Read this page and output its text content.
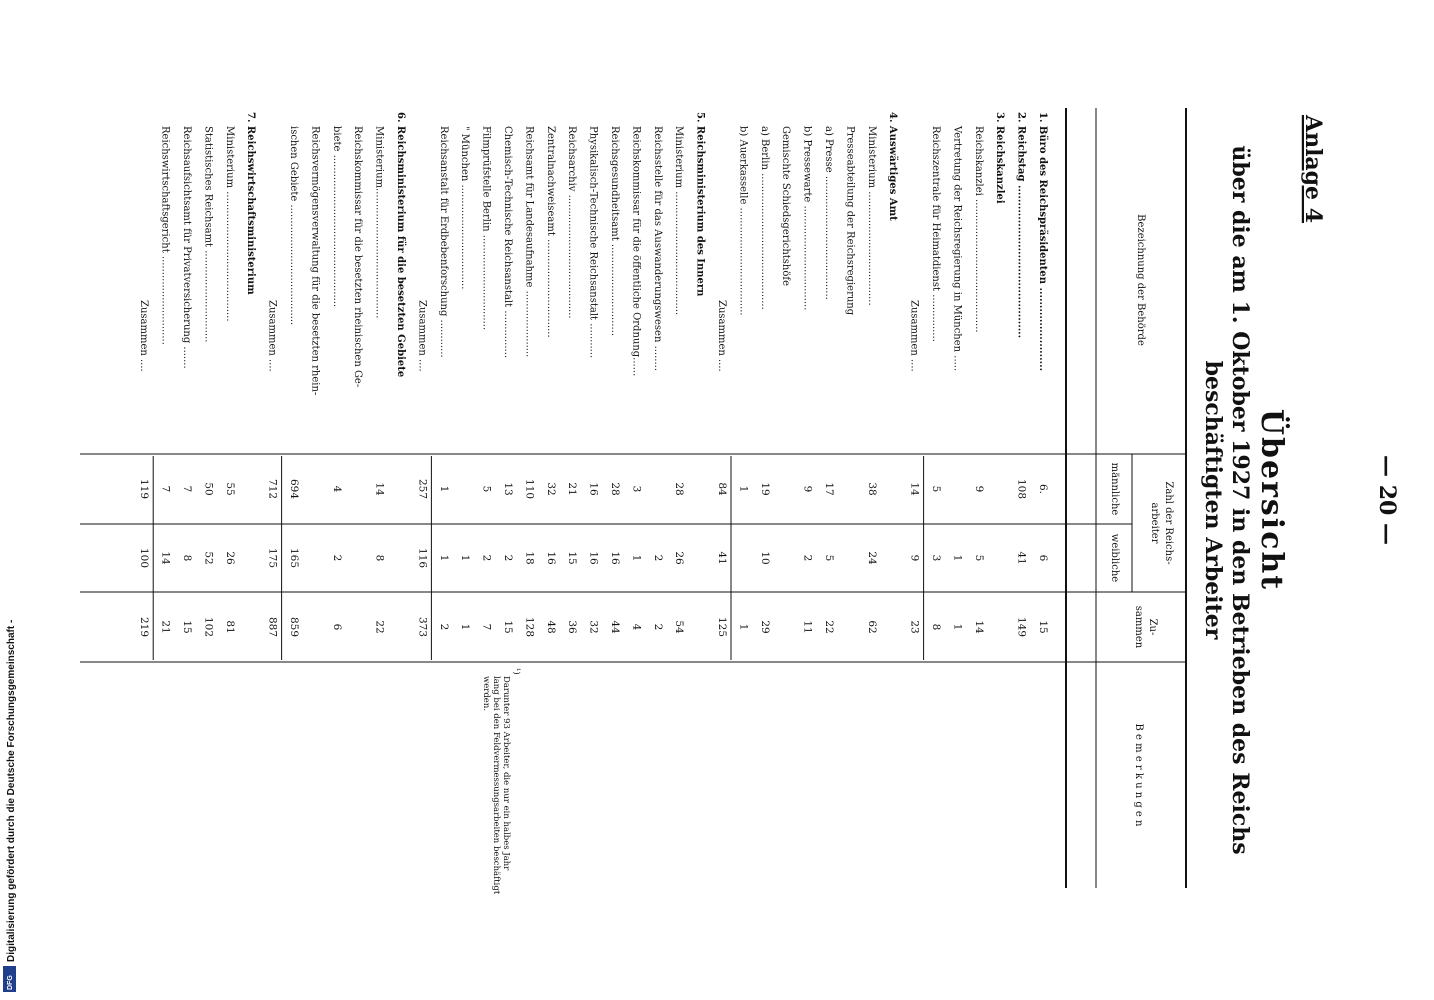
— 20 —
Anlage 4
Übersicht
über die am 1. Oktober 1927 in den Betrieben des Reichs
beschäftigten Arbeiter
Bezeichnung der Behörde
Zahl der Reichs-
arbeiter
männliche
weibliche
Zu-
sammen
B e m e r k u n g e n
1. Büro des Reichspräsidenten ........................
6.
6
15
2. Reichstag ............................................
108
41
149
3. Reichskanzlei
Reichskanzlei ..........................................
9
5
14
Vertretung der Reichsregierung in München .....
1
1
Reichszentrale für Heimatdienst ...............
5
3
8
Zusammen ....
14
9
23
4. Auswärtiges Amt
Ministerium ....................................
38
24
62
Presseabteilung der Reichsregierung
a) Presse .......................................
17
5
22
b) Pressewarte .................................
9
2
11
Gemischte Schiedsgerichtshöfe
a) Berlin ...........................................
19
10
29
b) Auerkasselle ..................................
1
1
Zusammen ....
84
41
125
5. Reichsministerium des Innern
Ministerium .......................................
28
26
54
Reichsstelle für das Auswanderungswesen ........
2
2
Reichskommissar für die öffentliche Ordnung......
3
1
4
Reichsgesundheitsamt .............................
28
16
44
Physikalisch-Technische Reichsanstalt ...........
16
16
32
Reichsarchiv .......................................
21
15
36
Zentralnachweiseamt ...............................
32
16
48
Reichsamt für Landesaufnahme .....................
110
18
128
Chemisch-Technische Reichsanstalt ...............
13
2
15
Filmprüfstelle Berlin ..............................
5
2
7
" München .................................
1
1
Reichsanstalt für Erdbebenforschung ............
1
1
2
Zusammen ....
257
116
373
6. Reichsministerium für die besetzten Gebiete
Ministerium.........................................
14
8
22
Reichskommissar für die besetzten rheinischen Ge-
biete ................................................
4
2
6
Reichsvermögensverwaltung für die besetzten rhein-
ischen Gebiete ......................................
694
165
859
Zusammen ....
712
175
887
7. Reichswirtschaftsministerium
Ministerium .........................................
55
26
81
Statistisches Reichsamt .............................
50
52
102
Reichsaufsichtsamt für Privatversicherung .......
7
8
15
Reichswirtschaftsgericht ............................
7
14
21
Zusammen ....
119
100
219
¹)
Darunter 93 Arbeiter, die nur ein halbes Jahr
lang bei den Feldvermessungsarbeiten beschäftigt
werden.
Digitalisierung gefördert durch die Deutsche Forschungsgemeinschaft -
DFG
